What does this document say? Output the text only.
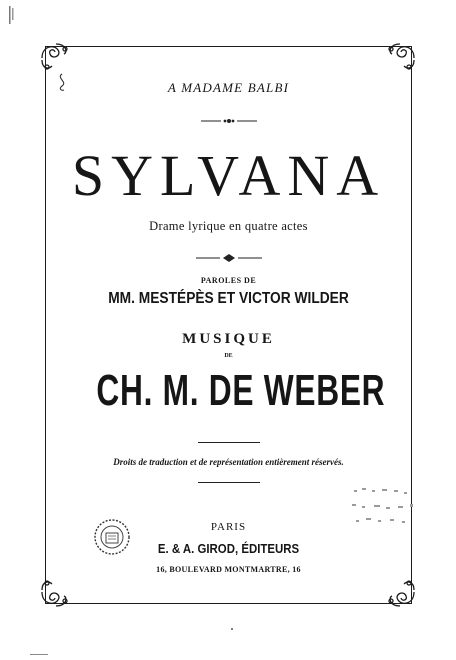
A MADAME BALBI
SYLVANA
Drame lyrique en quatre actes
PAROLES DE
MM. MESTÉPÈS ET VICTOR WILDER
MUSIQUE
DE
CH. M. DE WEBER
Droits de traduction et de représentation entièrement réservés.
PARIS
E. & A. GIROD, ÉDITEURS
16, BOULEVARD MONTMARTRE, 16
